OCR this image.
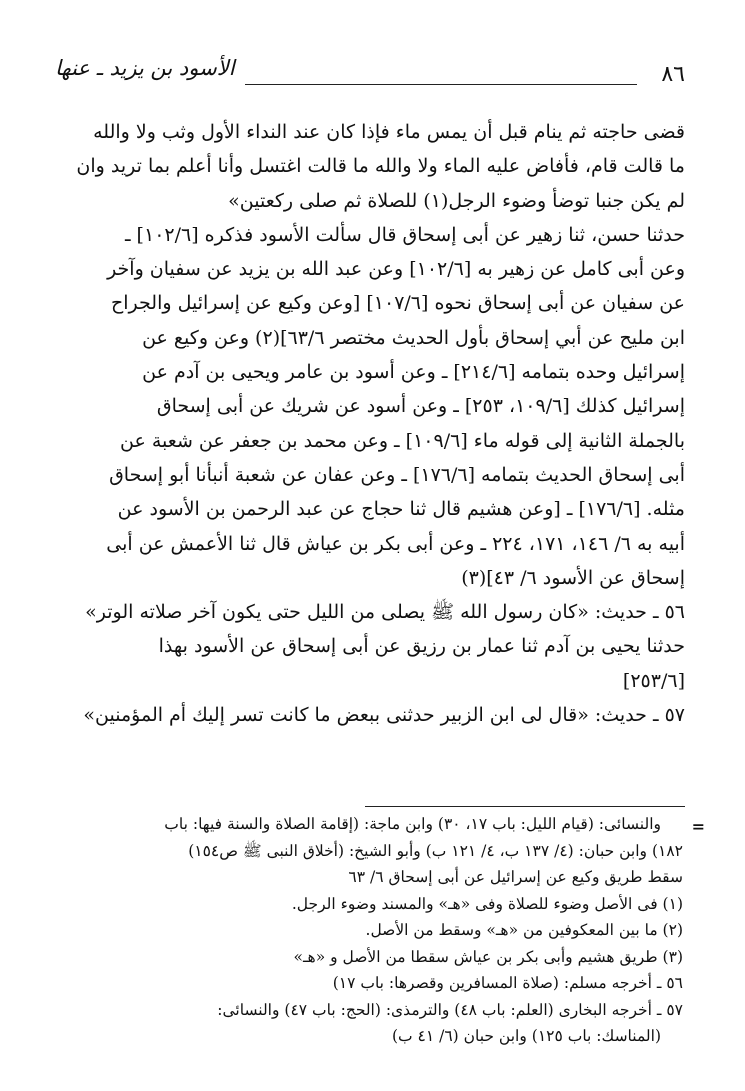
٨٦
الأسود بن يزيد ـ عنها
قضى حاجته ثم ينام قبل أن يمس ماء فإذا كان عند النداء الأول وثب ولا والله
ما قالت قام، فأفاض عليه الماء ولا والله ما قالت اغتسل وأنا أعلم بما تريد وان
لم يكن جنبا توضأ وضوء الرجل(١) للصلاة ثم صلى ركعتين»
حدثنا حسن، ثنا زهير عن أبى إسحاق قال سألت الأسود فذكره [١٠٢/٦] ـ
وعن أبى كامل عن زهير به [١٠٢/٦] وعن عبد الله بن يزيد عن سفيان وآخر
عن سفيان عن أبى إسحاق نحوه [١٠٧/٦] [وعن وكيع عن إسرائيل والجراح
ابن مليح عن أبي إسحاق بأول الحديث مختصر ٦٣/٦](٢) وعن وكيع عن
إسرائيل وحده بتمامه [٢١٤/٦] ـ وعن أسود بن عامر ويحيى بن آدم عن
إسرائيل كذلك [١٠٩/٦، ٢٥٣] ـ وعن أسود عن شريك عن أبى إسحاق
بالجملة الثانية إلى قوله ماء [١٠٩/٦] ـ وعن محمد بن جعفر عن شعبة عن
أبى إسحاق الحديث بتمامه [١٧٦/٦] ـ وعن عفان عن شعبة أنبأنا أبو إسحاق
مثله. [١٧٦/٦] ـ [وعن هشيم قال ثنا حجاج عن عبد الرحمن بن الأسود عن
أبيه به ٦/ ١٤٦، ١٧١، ٢٢٤ ـ وعن أبى بكر بن عياش قال ثنا الأعمش عن أبى
إسحاق عن الأسود ٦/ ٤٣](٣)
٥٦ ـ حديث: «كان رسول الله ﷺ يصلى من الليل حتى يكون آخر صلاته الوتر»
حدثنا يحيى بن آدم ثنا عمار بن رزيق عن أبى إسحاق عن الأسود بهذا
[٢٥٣/٦]
٥٧ ـ حديث: «قال لى ابن الزبير حدثنى ببعض ما كانت تسر إليك أم المؤمنين»
=
والنسائى: (قيام الليل: باب ١٧، ٣٠) وابن ماجة: (إقامة الصلاة والسنة فيها: باب
١٨٢) وابن حبان: (٤/ ١٣٧ ب، ٤/ ١٢١ ب) وأبو الشيخ: (أخلاق النبى ﷺ ص١٥٤)
سقط طريق وكيع عن إسرائيل عن أبى إسحاق ٦/ ٦٣
(١) فى الأصل وضوء للصلاة وفى «هـ» والمسند وضوء الرجل.
(٢) ما بين المعكوفين من «هـ» وسقط من الأصل.
(٣) طريق هشيم وأبى بكر بن عياش سقطا من الأصل و «هـ»
٥٦ ـ أخرجه مسلم: (صلاة المسافرين وقصرها: باب ١٧)
٥٧ ـ أخرجه البخارى (العلم: باب ٤٨) والترمذى: (الحج: باب ٤٧) والنسائى:
(المناسك: باب ١٢٥) وابن حبان (٦/ ٤١ ب)
